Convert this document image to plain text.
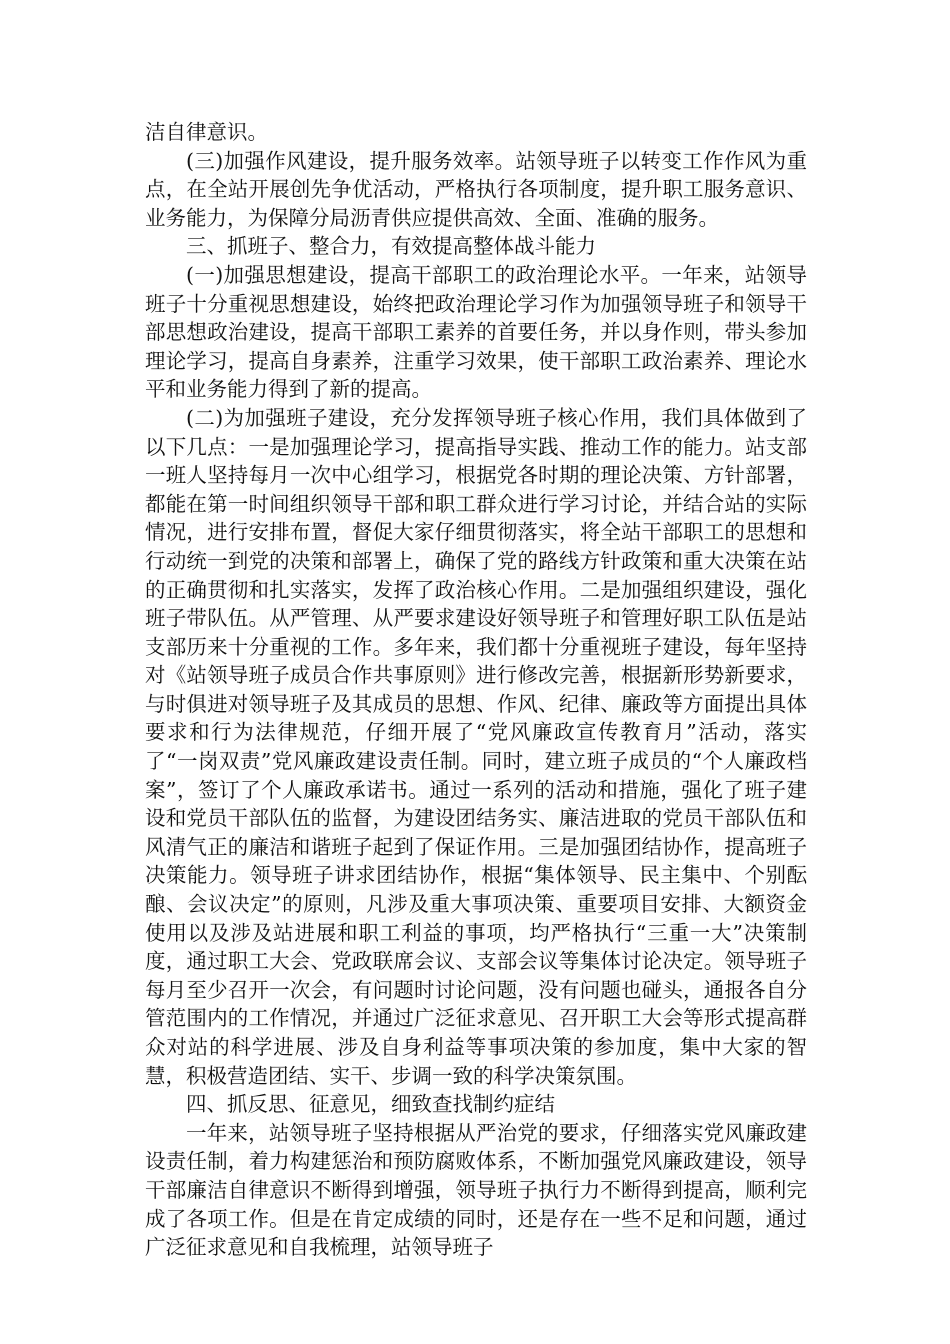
洁自律意识。

(三)加强作风建设，提升服务效率。站领导班子以转变工作作风为重点，在全站开展创先争优活动，严格执行各项制度，提升职工服务意识、业务能力，为保障分局沥青供应提供高效、全面、准确的服务。

三、抓班子、整合力，有效提高整体战斗能力

(一)加强思想建设，提高干部职工的政治理论水平。一年来，站领导班子十分重视思想建设，始终把政治理论学习作为加强领导班子和领导干部思想政治建设，提高干部职工素养的首要任务，并以身作则，带头参加理论学习，提高自身素养，注重学习效果，使干部职工政治素养、理论水平和业务能力得到了新的提高。

(二)为加强班子建设，充分发挥领导班子核心作用，我们具体做到了以下几点：一是加强理论学习，提高指导实践、推动工作的能力。站支部一班人坚持每月一次中心组学习，根据党各时期的理论决策、方针部署，都能在第一时间组织领导干部和职工群众进行学习讨论，并结合站的实际情况，进行安排布置，督促大家仔细贯彻落实，将全站干部职工的思想和行动统一到党的决策和部署上，确保了党的路线方针政策和重大决策在站的正确贯彻和扎实落实，发挥了政治核心作用。二是加强组织建设，强化班子带队伍。从严管理、从严要求建设好领导班子和管理好职工队伍是站支部历来十分重视的工作。多年来，我们都十分重视班子建设，每年坚持对《站领导班子成员合作共事原则》进行修改完善，根据新形势新要求，与时俱进对领导班子及其成员的思想、作风、纪律、廉政等方面提出具体要求和行为法律规范，仔细开展了“党风廉政宣传教育月”活动，落实了“一岗双责”党风廉政建设责任制。同时，建立班子成员的“个人廉政档案”，签订了个人廉政承诺书。通过一系列的活动和措施，强化了班子建设和党员干部队伍的监督，为建设团结务实、廉洁进取的党员干部队伍和风清气正的廉洁和谐班子起到了保证作用。三是加强团结协作，提高班子决策能力。领导班子讲求团结协作，根据“集体领导、民主集中、个别酝酿、会议决定”的原则，凡涉及重大事项决策、重要项目安排、大额资金使用以及涉及站进展和职工利益的事项，均严格执行“三重一大”决策制度，通过职工大会、党政联席会议、支部会议等集体讨论决定。领导班子每月至少召开一次会，有问题时讨论问题，没有问题也碰头，通报各自分管范围内的工作情况，并通过广泛征求意见、召开职工大会等形式提高群众对站的科学进展、涉及自身利益等事项决策的参加度，集中大家的智慧，积极营造团结、实干、步调一致的科学决策氛围。

四、抓反思、征意见，细致查找制约症结

一年来，站领导班子坚持根据从严治党的要求，仔细落实党风廉政建设责任制，着力构建惩治和预防腐败体系，不断加强党风廉政建设，领导干部廉洁自律意识不断得到增强，领导班子执行力不断得到提高，顺利完成了各项工作。但是在肯定成绩的同时，还是存在一些不足和问题，通过广泛征求意见和自我梳理，站领导班子
